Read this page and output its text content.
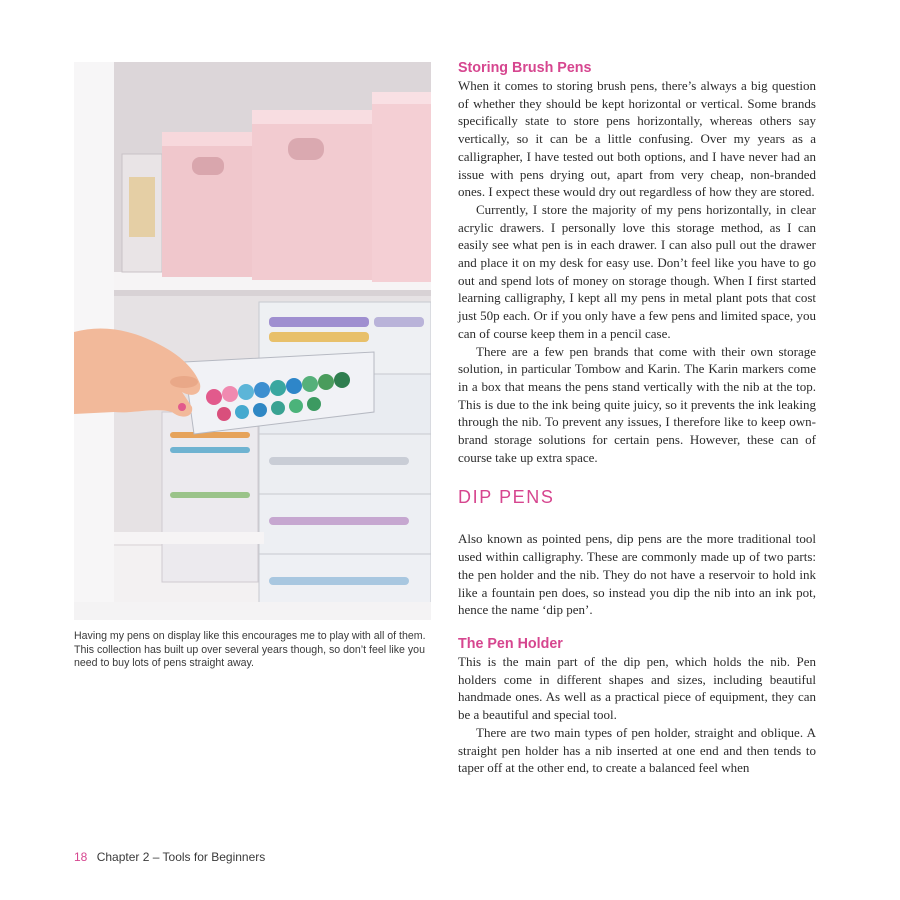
Having my pens on display like this encourages me to play with all of them. This collection has built up over several years though, so don’t feel like you need to buy lots of pens straight away.

Storing Brush Pens

When it comes to storing brush pens, there’s always a big question of whether they should be kept horizontal or vertical. Some brands specifically state to store pens horizontally, whereas others say vertically, so it can be a little confusing. Over my years as a calligrapher, I have tested out both options, and I have never had an issue with pens drying out, apart from very cheap, non-branded ones. I expect these would dry out regardless of how they are stored.

Currently, I store the majority of my pens horizontally, in clear acrylic drawers. I personally love this storage method, as I can easily see what pen is in each drawer. I can also pull out the drawer and place it on my desk for easy use. Don’t feel like you have to go out and spend lots of money on storage though. When I first started learning calligraphy, I kept all my pens in metal plant pots that cost just 50p each. Or if you only have a few pens and limited space, you can of course keep them in a pencil case.

There are a few pen brands that come with their own storage solution, in particular Tombow and Karin. The Karin markers come in a box that means the pens stand vertically with the nib at the top. This is due to the ink being quite juicy, so it prevents the ink leaking through the nib. To prevent any issues, I therefore like to keep own-brand storage solutions for certain pens. However, these can of course take up extra space.

DIP PENS

Also known as pointed pens, dip pens are the more traditional tool used within calligraphy. These are commonly made up of two parts: the pen holder and the nib. They do not have a reservoir to hold ink like a fountain pen does, so instead you dip the nib into an ink pot, hence the name ‘dip pen’.

The Pen Holder

This is the main part of the dip pen, which holds the nib. Pen holders come in different shapes and sizes, including beautiful handmade ones. As well as a practical piece of equipment, they can be a beautiful and special tool.

There are two main types of pen holder, straight and oblique. A straight pen holder has a nib inserted at one end and then tends to taper off at the other end, to create a balanced feel when

18 Chapter 2 – Tools for Beginners
